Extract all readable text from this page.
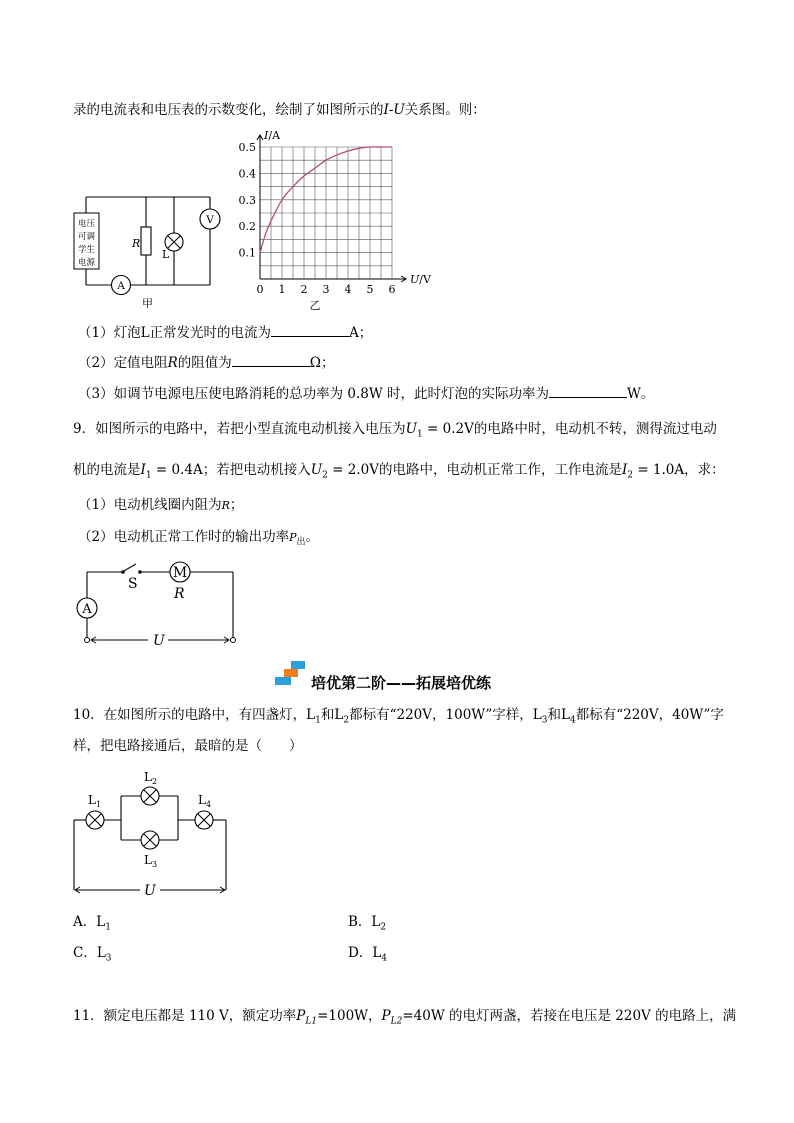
录的电流表和电压表的示数变化，绘制了如图所示的I-U关系图。则：
电压
可调
学生
电源
R
L
V
A
甲
0 1 2 3 4 5 6
0.1
0.2
0.3
0.4
0.5
I/A
U/V
乙
（1）灯泡L正常发光时的电流为	A；
（2）定值电阻R的阻值为	Ω；
（3）如调节电源电压使电路消耗的总功率为 0.8W 时，此时灯泡的实际功率为	W。
9．如图所示的电路中，若把小型直流电动机接入电压为$U_1 = 0.2V$的电路中时，电动机不转，测得流过电动
机的电流是$I_1 = 0.4A$；若把电动机接入$U_2 = 2.0V$的电路中，电动机正常工作，工作电流是$I_2 = 1.0A$，求：
（1）电动机线圈内阻为R；
（2）电动机正常工作时的输出功率$P_出$。
S
M
R
A
U
培优第二阶——拓展培优练
10．在如图所示的电路中，有四盏灯，$L_1$和$L_2$都标有“220V，100W”字样，$L_3$和$L_4$都标有“220V，40W”字
样，把电路接通后，最暗的是（　　）
$L_1$
$L_2$
$L_3$
$L_4$
U
A．$L_1$	B．$L_2$
C．$L_3$	D．$L_4$
11．额定电压都是 110 V，额定功率$P_{L1}=100W$，$P_{L2}=40W$ 的电灯两盏，若接在电压是 220V 的电路上，满
